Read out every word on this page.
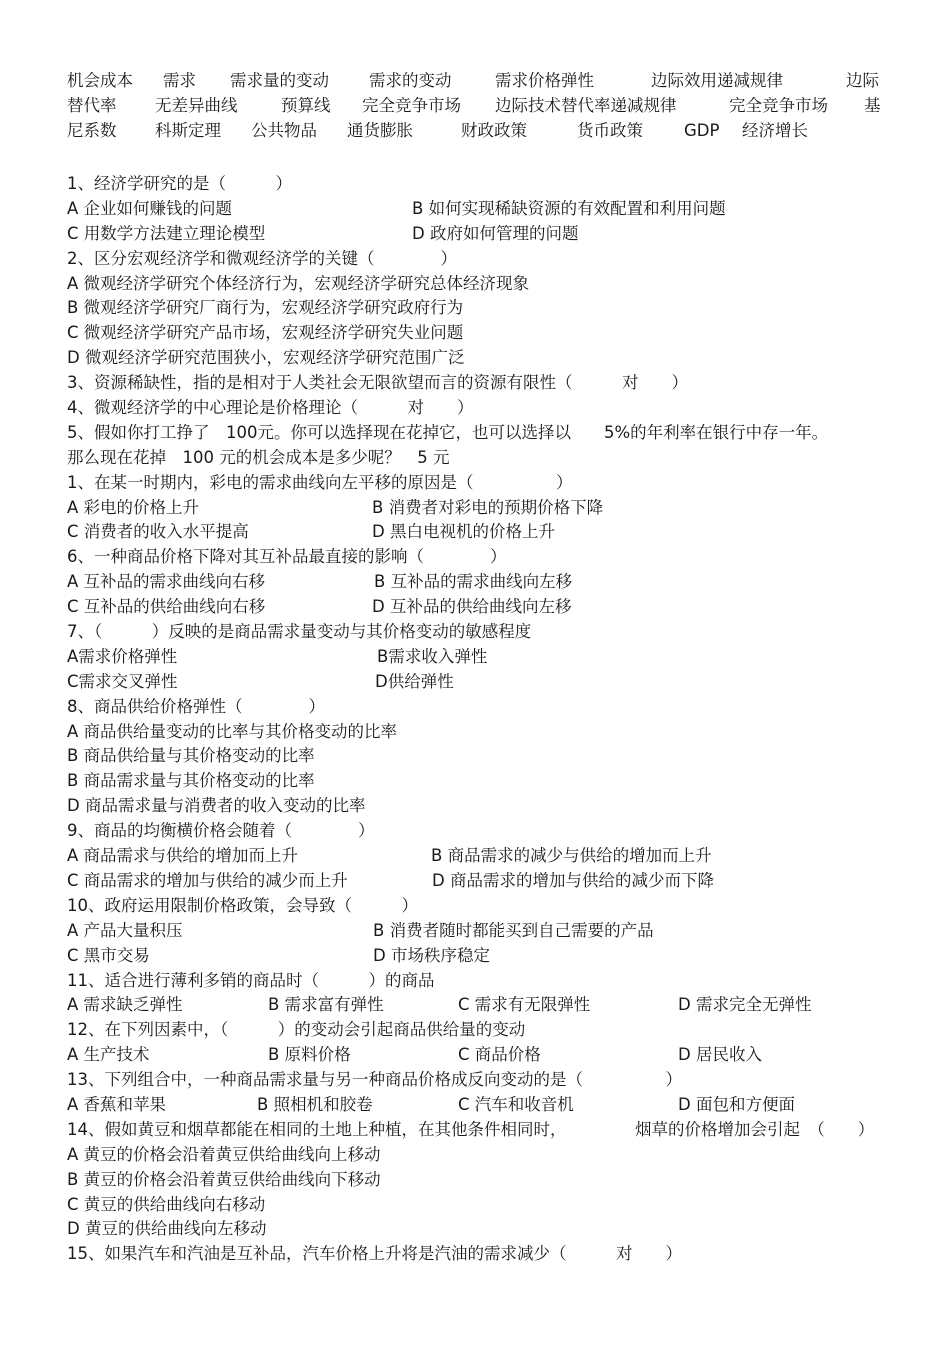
机会成本 需求 需求量的变动 需求的变动	需求价格弹性	边际效用递减规律	边际
替代率 无差异曲线	预算线 完全竞争市场 边际技术替代率递减规律	完全竞争市场 基
尼系数 科斯定理 公共物品 通货膨胀	财政政策	货币政策 GDP 经济增长
1、经济学研究的是（　　　）
A 企业如何赚钱的问题	B 如何实现稀缺资源的有效配置和利用问题
C 用数学方法建立理论模型	D 政府如何管理的问题
2、区分宏观经济学和微观经济学的关键（　　　　）
A 微观经济学研究个体经济行为，宏观经济学研究总体经济现象
B 微观经济学研究厂商行为，宏观经济学研究政府行为
C 微观经济学研究产品市场，宏观经济学研究失业问题
D 微观经济学研究范围狭小，宏观经济学研究范围广泛
3、资源稀缺性，指的是相对于人类社会无限欲望而言的资源有限性（　　　对　　）
4、微观经济学的中心理论是价格理论（　　　对　　）
5、假如你打工挣了　100元。你可以选择现在花掉它，也可以选择以　　5%的年利率在银行中存一年。
那么现在花掉　100 元的机会成本是多少呢？　5 元
1、在某一时期内，彩电的需求曲线向左平移的原因是（　　　　　）
A 彩电的价格上升	B 消费者对彩电的预期价格下降
C 消费者的收入水平提高	D 黑白电视机的价格上升
6、一种商品价格下降对其互补品最直接的影响（　　　　）
A 互补品的需求曲线向右移	B 互补品的需求曲线向左移
C 互补品的供给曲线向右移	D 互补品的供给曲线向左移
7、（　　　）反映的是商品需求量变动与其价格变动的敏感程度
A需求价格弹性	B需求收入弹性
C需求交叉弹性	D供给弹性
8、商品供给价格弹性（　　　　）
A 商品供给量变动的比率与其价格变动的比率
B 商品供给量与其价格变动的比率
B 商品需求量与其价格变动的比率
D 商品需求量与消费者的收入变动的比率
9、商品的均衡横价格会随着（　　　　）
A 商品需求与供给的增加而上升	B 商品需求的减少与供给的增加而上升
C 商品需求的增加与供给的减少而上升	D 商品需求的增加与供给的减少而下降
10、政府运用限制价格政策，会导致（　　　）
A 产品大量积压	B 消费者随时都能买到自己需要的产品
C 黑市交易	D 市场秩序稳定
11、适合进行薄利多销的商品时（　　　）的商品
A 需求缺乏弹性	B 需求富有弹性	C 需求有无限弹性	D 需求完全无弹性
12、在下列因素中，（　　　）的变动会引起商品供给量的变动
A 生产技术	B 原料价格	C 商品价格	D 居民收入
13、下列组合中，一种商品需求量与另一种商品价格成反向变动的是（　　　　　）
A 香蕉和苹果	B 照相机和胶卷	C 汽车和收音机	D 面包和方便面
14、假如黄豆和烟草都能在相同的土地上种植，在其他条件相同时，	烟草的价格增加会引起　（　　）
A 黄豆的价格会沿着黄豆供给曲线向上移动
B 黄豆的价格会沿着黄豆供给曲线向下移动
C 黄豆的供给曲线向右移动
D 黄豆的供给曲线向左移动
15、如果汽车和汽油是互补品，汽车价格上升将是汽油的需求减少（　　　对　　）
